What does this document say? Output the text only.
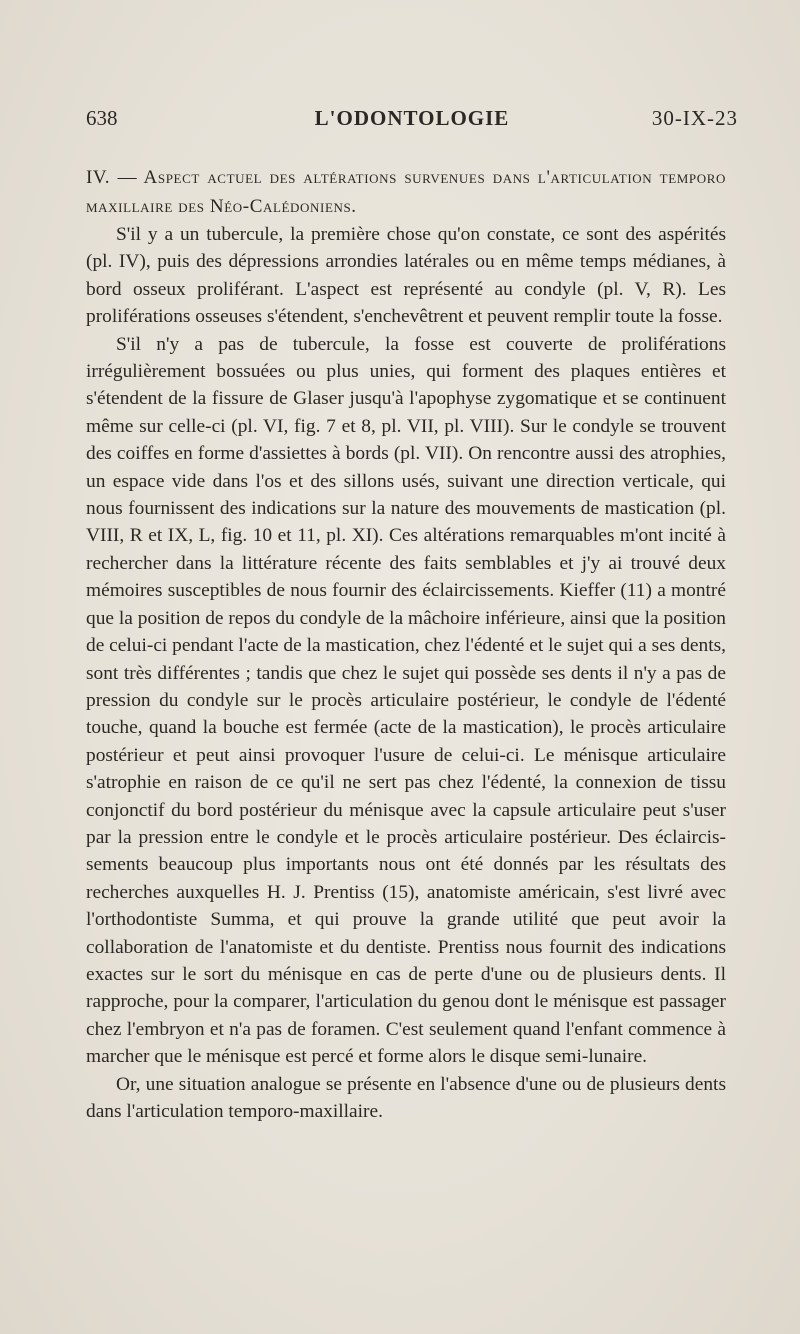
638	L'ODONTOLOGIE	30-IX-23
IV. — Aspect actuel des altérations survenues dans l'articulation temporo maxillaire des Néo-Calédoniens.

S'il y a un tubercule, la première chose qu'on constate, ce sont des aspérités (pl. IV), puis des dépressions arrondies latérales ou en même temps médianes, à bord osseux proliférant. L'aspect est représenté au condyle (pl. V, R). Les proliférations osseuses s'étendent, s'enchevêtrent et peuvent remplir toute la fosse.

S'il n'y a pas de tubercule, la fosse est couverte de proliférations irrégulièrement bossuées ou plus unies, qui forment des plaques entières et s'étendent de la fissure de Glaser jusqu'à l'apophyse zygomatique et se continuent même sur celle-ci (pl. VI, fig. 7 et 8, pl. VII, pl. VIII). Sur le condyle se trouvent des coiffes en forme d'assiettes à bords (pl. VII). On rencontre aussi des atrophies, un espace vide dans l'os et des sillons usés, suivant une direction verticale, qui nous fournissent des indications sur la nature des mouvements de mastication (pl. VIII, R et IX, L, fig. 10 et 11, pl. XI). Ces altérations remarquables m'ont incité à rechercher dans la littérature récente des faits semblables et j'y ai trouvé deux mémoires susceptibles de nous fournir des éclaircissements. Kieffer (11) a montré que la position de repos du condyle de la mâchoire inférieure, ainsi que la position de celui-ci pendant l'acte de la mastication, chez l'édenté et le sujet qui a ses dents, sont très différentes ; tandis que chez le sujet qui possède ses dents il n'y a pas de pression du condyle sur le procès articulaire postérieur, le condyle de l'édenté touche, quand la bouche est fermée (acte de la mastication), le procès articulaire postérieur et peut ainsi provoquer l'usure de celui-ci. Le ménisque articulaire s'atrophie en raison de ce qu'il ne sert pas chez l'édenté, la connexion de tissu conjonctif du bord postérieur du ménisque avec la capsule articulaire peut s'user par la pression entre le condyle et le procès articulaire postérieur. Des éclaircissements beaucoup plus importants nous ont été donnés par les résultats des recherches auxquelles H. J. Prentiss (15), anatomiste américain, s'est livré avec l'orthodontiste Summa, et qui prouve la grande utilité que peut avoir la collaboration de l'anatomiste et du dentiste. Prentiss nous fournit des indications exactes sur le sort du ménisque en cas de perte d'une ou de plusieurs dents. Il rapproche, pour la comparer, l'articulation du genou dont le ménisque est passager chez l'embryon et n'a pas de foramen. C'est seulement quand l'enfant commence à marcher que le ménisque est percé et forme alors le disque semi-lunaire.

Or, une situation analogue se présente en l'absence d'une ou de plusieurs dents dans l'articulation temporo-maxillaire.
